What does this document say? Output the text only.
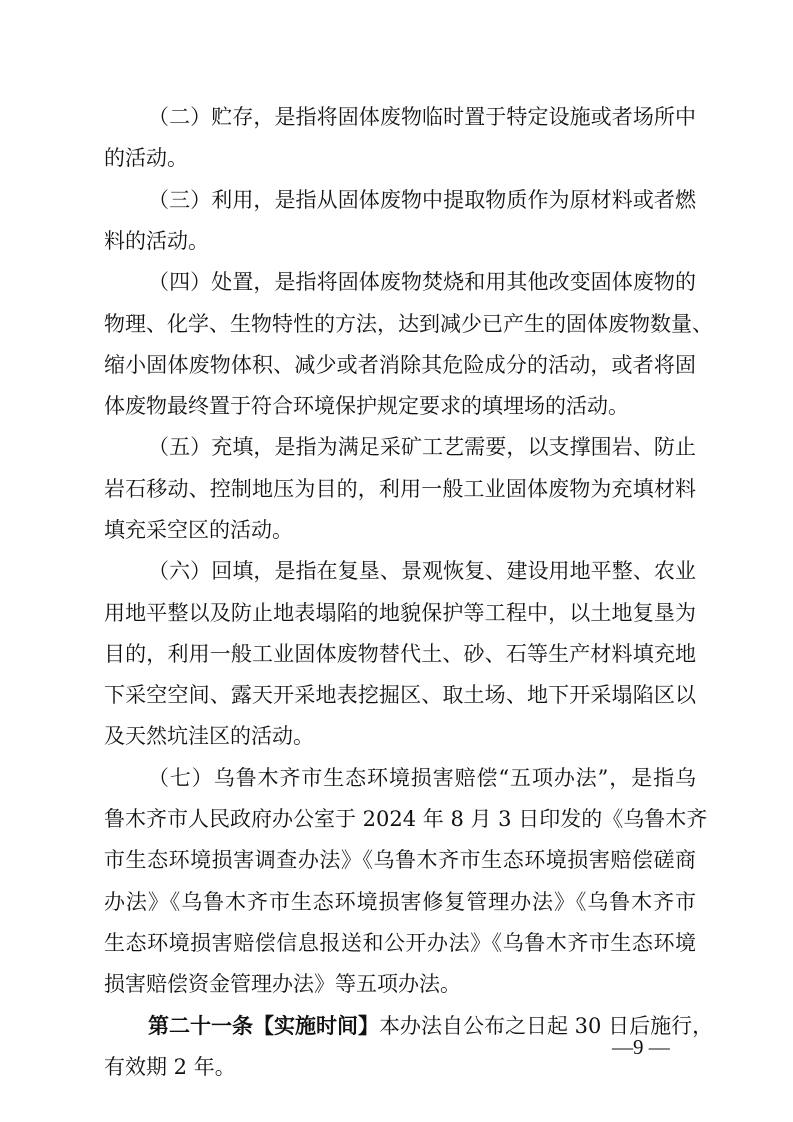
（二）贮存，是指将固体废物临时置于特定设施或者场所中
的活动。
（三）利用，是指从固体废物中提取物质作为原材料或者燃
料的活动。
（四）处置，是指将固体废物焚烧和用其他改变固体废物的
物理、化学、生物特性的方法，达到减少已产生的固体废物数量、
缩小固体废物体积、减少或者消除其危险成分的活动，或者将固
体废物最终置于符合环境保护规定要求的填埋场的活动。
（五）充填，是指为满足采矿工艺需要，以支撑围岩、防止
岩石移动、控制地压为目的，利用一般工业固体废物为充填材料
填充采空区的活动。
（六）回填，是指在复垦、景观恢复、建设用地平整、农业
用地平整以及防止地表塌陷的地貌保护等工程中，以土地复垦为
目的，利用一般工业固体废物替代土、砂、石等生产材料填充地
下采空空间、露天开采地表挖掘区、取土场、地下开采塌陷区以
及天然坑洼区的活动。
（七）乌鲁木齐市生态环境损害赔偿“五项办法”，是指乌
鲁木齐市人民政府办公室于 2024 年 8 月 3 日印发的《乌鲁木齐
市生态环境损害调查办法》《乌鲁木齐市生态环境损害赔偿磋商
办法》《乌鲁木齐市生态环境损害修复管理办法》《乌鲁木齐市
生态环境损害赔偿信息报送和公开办法》《乌鲁木齐市生态环境
损害赔偿资金管理办法》等五项办法。
第二十一条【实施时间】本办法自公布之日起 30 日后施行，
有效期 2 年。
—9 —
